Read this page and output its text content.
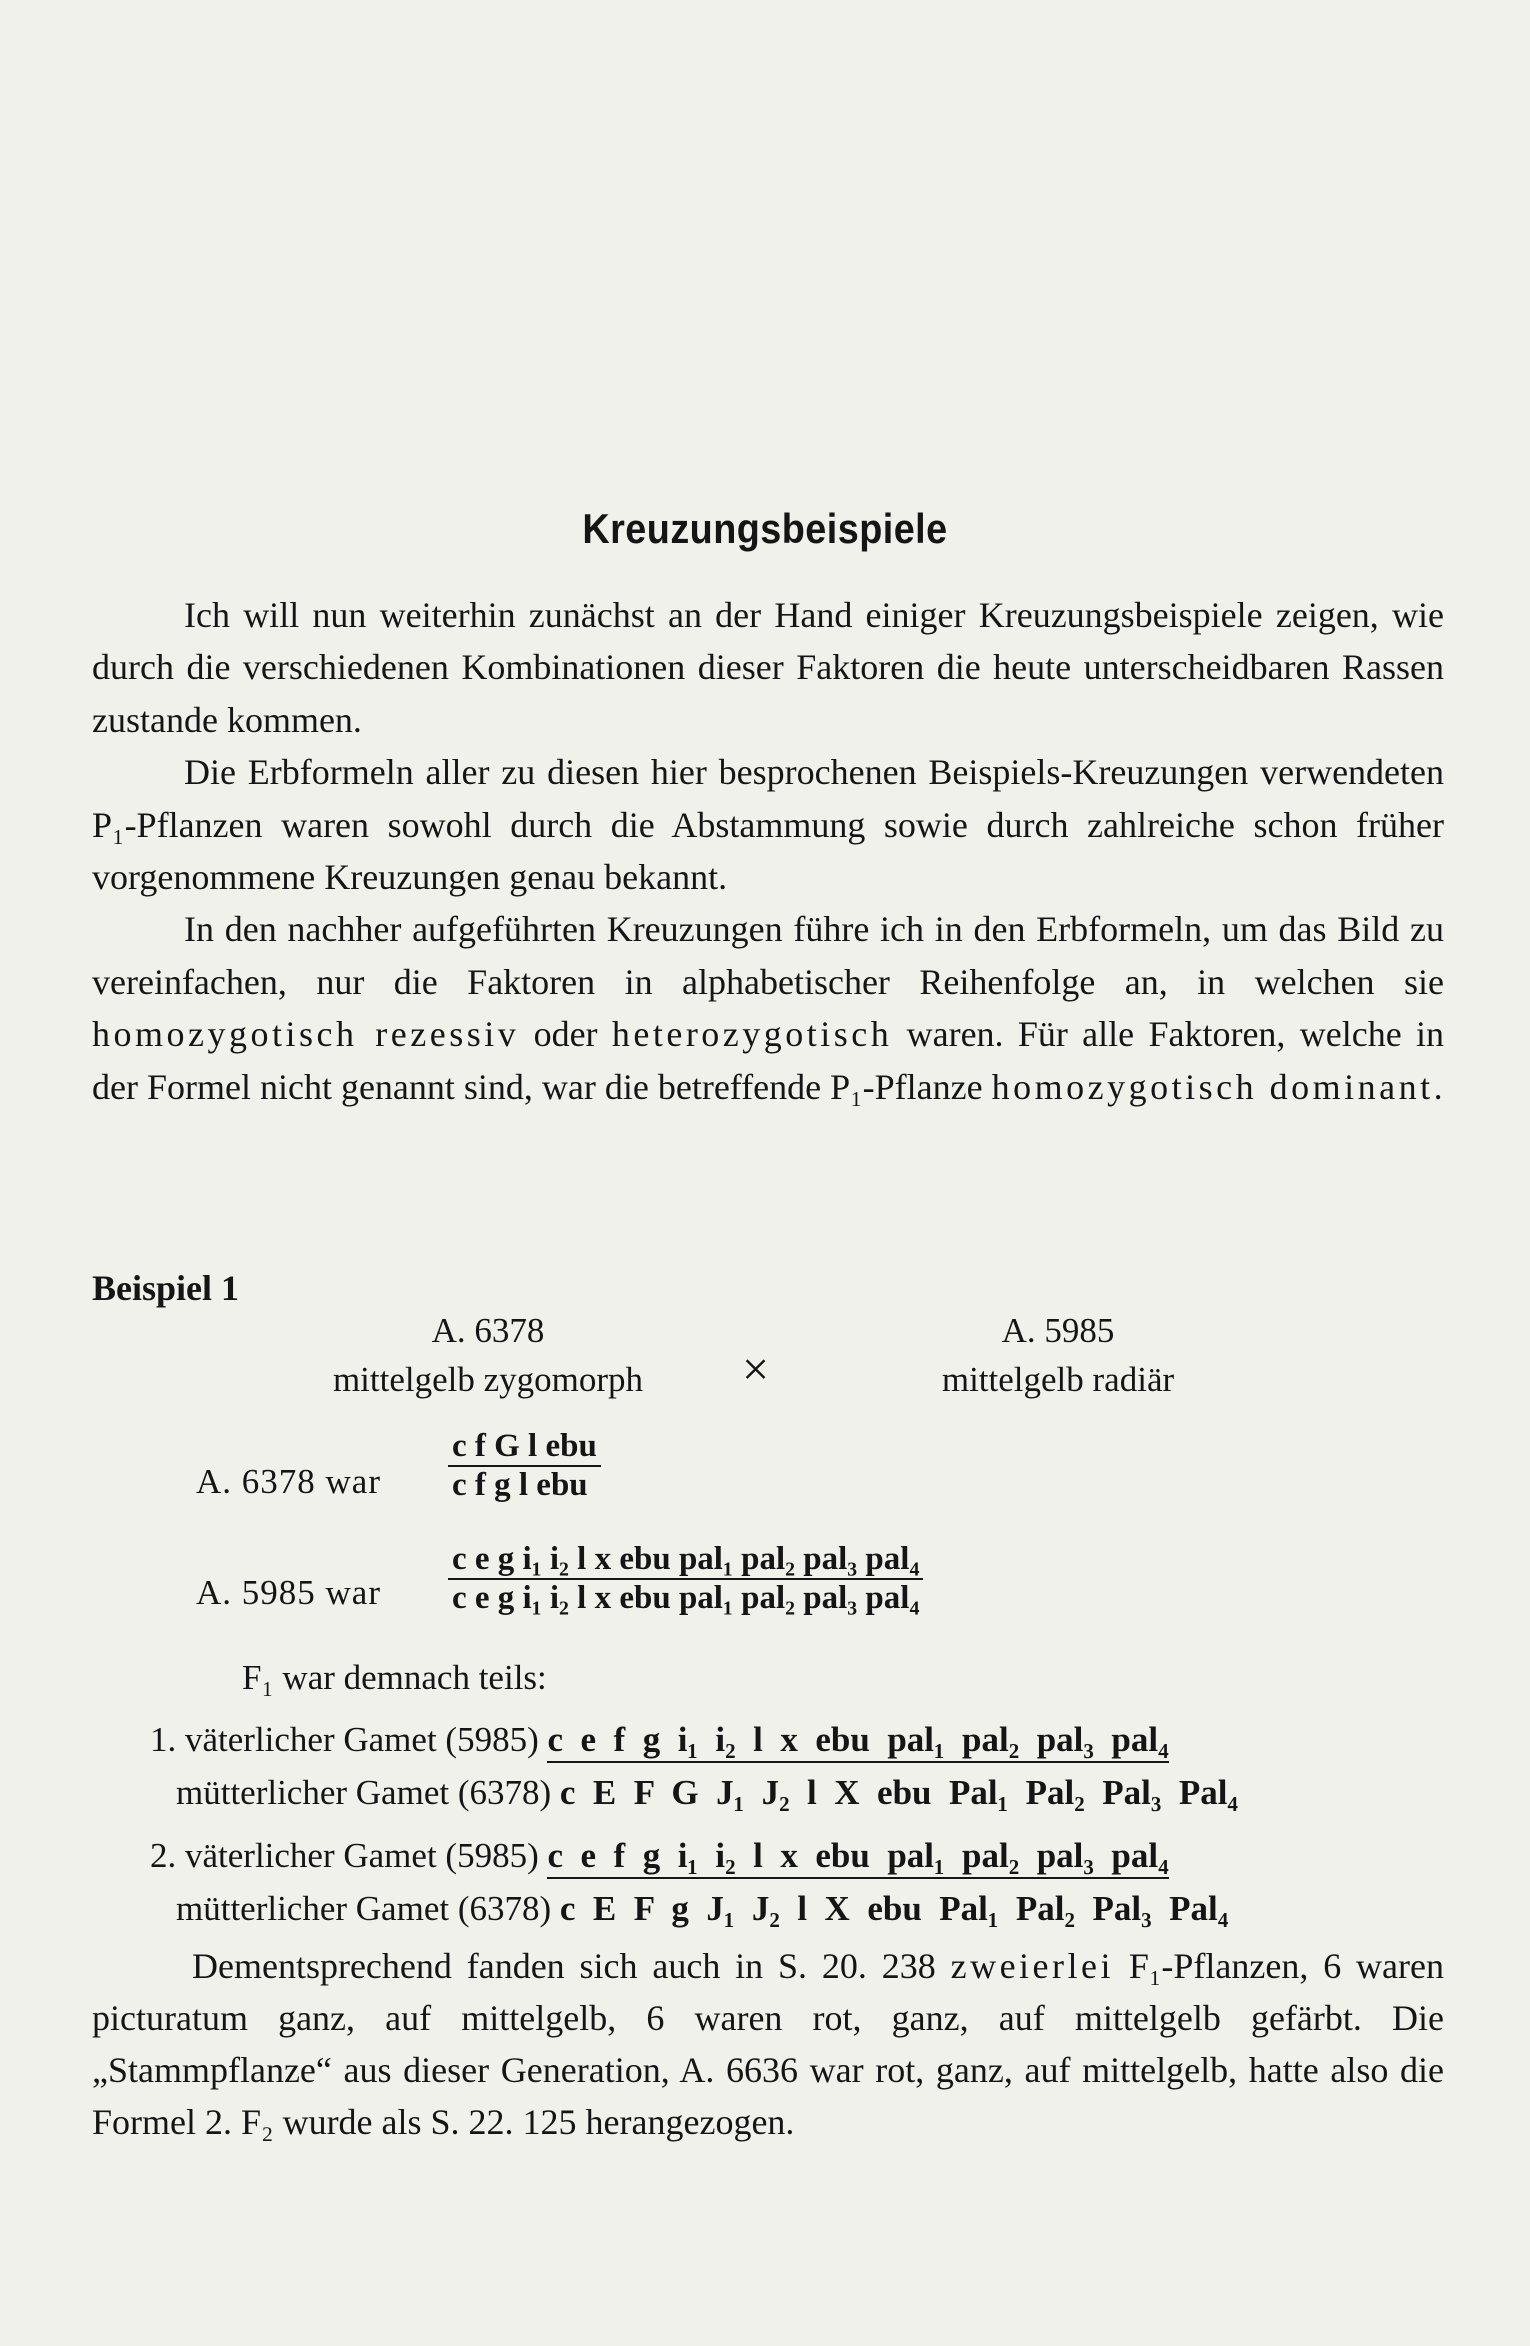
Kreuzungsbeispiele

Ich will nun weiterhin zunächst an der Hand einiger Kreuzungsbeispiele zeigen, wie durch die verschiedenen Kombinationen dieser Faktoren die heute unterscheidbaren Rassen zustande kommen.

Die Erbformeln aller zu diesen hier besprochenen Beispiels-Kreuzungen verwendeten P₁-Pflanzen waren sowohl durch die Abstammung sowie durch zahlreiche schon früher vorgenommene Kreuzungen genau bekannt.

In den nachher aufgeführten Kreuzungen führe ich in den Erbformeln, um das Bild zu vereinfachen, nur die Faktoren in alphabetischer Reihenfolge an, in welchen sie homozygotisch rezessiv oder heterozygotisch waren. Für alle Faktoren, welche in der Formel nicht genannt sind, war die betreffende P₁-Pflanze homozygotisch dominant.

Beispiel 1
A. 6378
mittelgelb zygomorph	×
A. 5985
mittelgelb radiär
A. 6378 war
c f G l ebu
c f g l ebu
A. 5985 war
c e g i₁ i₂ l x ebu pal₁ pal₂ pal₃ pal₄
c e g i₁ i₂ l x ebu pal₁ pal₂ pal₃ pal₄
F₁ war demnach teils:
1. väterlicher Gamet (5985) c  e  f  g  i₁  i₂  l  x  ebu  pal₁  pal₂  pal₃  pal₄
mütterlicher Gamet (6378) c  E  F  G  J₁  J₂  l  X  ebu  Pal₁  Pal₂  Pal₃  Pal₄
2. väterlicher Gamet (5985) c  e  f  g  i₁  i₂  l  x  ebu  pal₁  pal₂  pal₃  pal₄
mütterlicher Gamet (6378) c  E  F  g  J₁  J₂  l  X  ebu  Pal₁  Pal₂  Pal₃  Pal₄

Dementsprechend fanden sich auch in S. 20. 238 zweierlei F₁-Pflanzen, 6 waren picturatum ganz, auf mittelgelb, 6 waren rot, ganz, auf mittelgelb gefärbt. Die „Stammpflanze“ aus dieser Generation, A. 6636 war rot, ganz, auf mittelgelb, hatte also die Formel 2. F₂ wurde als S. 22. 125 herangezogen.
